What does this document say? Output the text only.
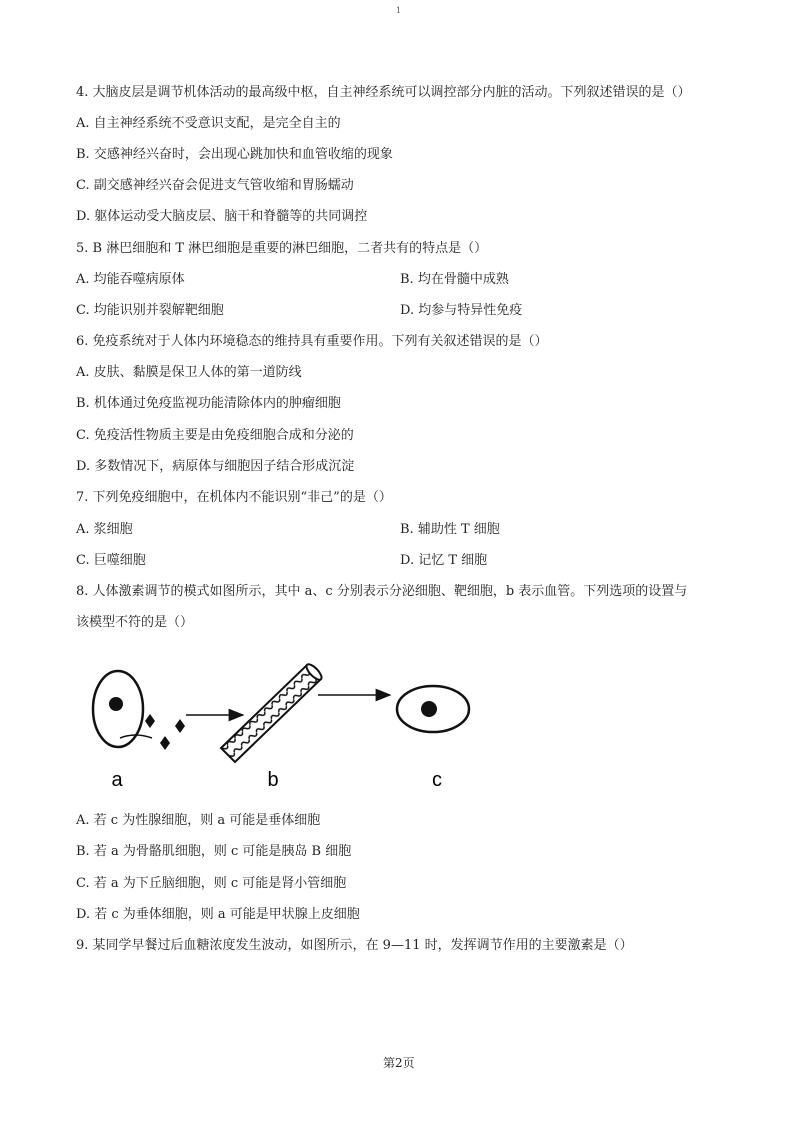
1
4. 大脑皮层是调节机体活动的最高级中枢，自主神经系统可以调控部分内脏的活动。下列叙述错误的是（）
A. 自主神经系统不受意识支配，是完全自主的
B. 交感神经兴奋时，会出现心跳加快和血管收缩的现象
C. 副交感神经兴奋会促进支气管收缩和胃肠蠕动
D. 躯体运动受大脑皮层、脑干和脊髓等的共同调控
5. B 淋巴细胞和 T 淋巴细胞是重要的淋巴细胞，二者共有的特点是（）
A. 均能吞噬病原体	B. 均在骨髓中成熟
C. 均能识别并裂解靶细胞	D. 均参与特异性免疫
6. 免疫系统对于人体内环境稳态的维持具有重要作用。下列有关叙述错误的是（）
A. 皮肤、黏膜是保卫人体的第一道防线
B. 机体通过免疫监视功能清除体内的肿瘤细胞
C. 免疫活性物质主要是由免疫细胞合成和分泌的
D. 多数情况下，病原体与细胞因子结合形成沉淀
7. 下列免疫细胞中，在机体内不能识别“非己”的是（）
A. 浆细胞	B. 辅助性 T 细胞
C. 巨噬细胞	D. 记忆 T 细胞
8. 人体激素调节的模式如图所示，其中 a、c 分别表示分泌细胞、靶细胞，b 表示血管。下列选项的设置与
该模型不符的是（）
a	b	c
A. 若 c 为性腺细胞，则 a 可能是垂体细胞
B. 若 a 为骨骼肌细胞，则 c 可能是胰岛 B 细胞
C. 若 a 为下丘脑细胞，则 c 可能是肾小管细胞
D. 若 c 为垂体细胞，则 a 可能是甲状腺上皮细胞
9. 某同学早餐过后血糖浓度发生波动，如图所示，在 9—11 时，发挥调节作用的主要激素是（）
第2页
